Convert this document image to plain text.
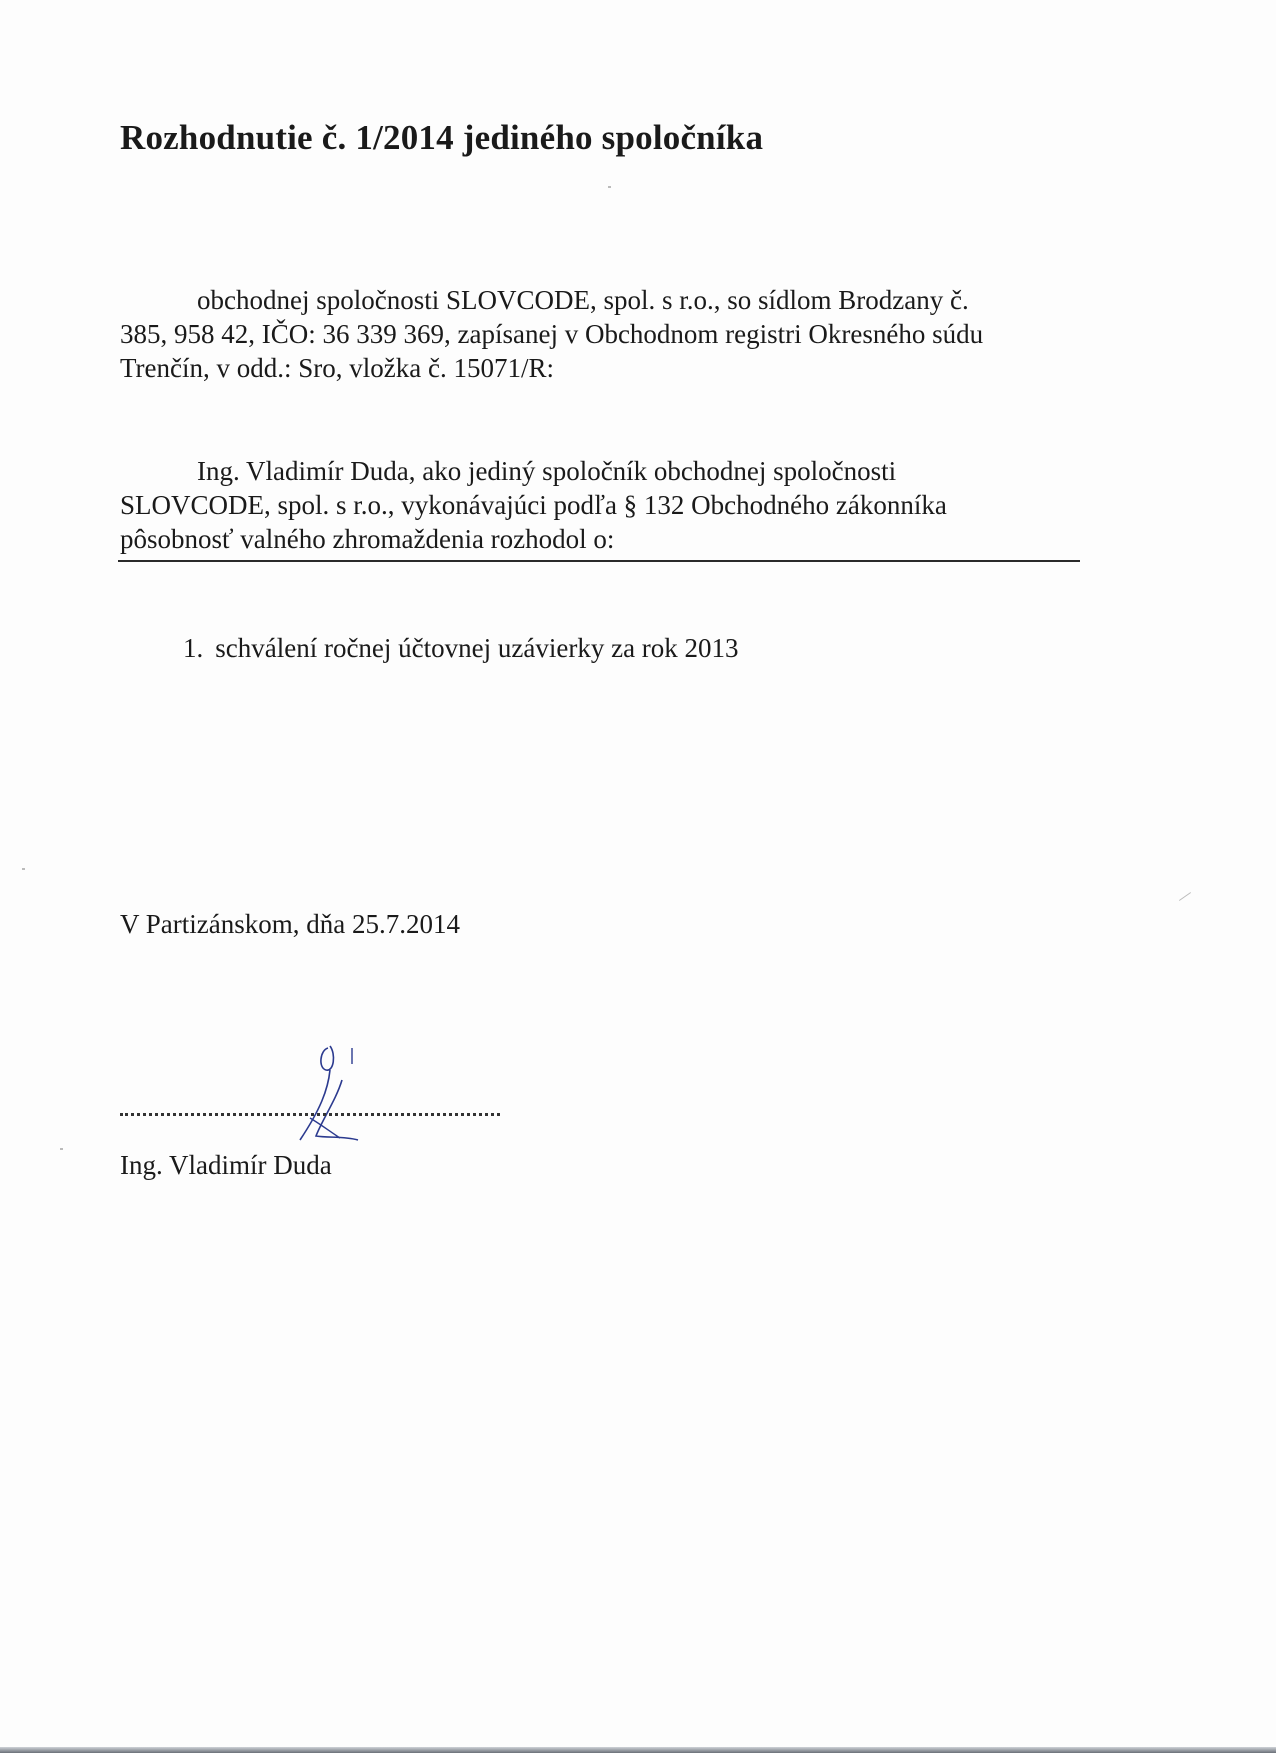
Rozhodnutie č. 1/2014 jediného spoločníka
obchodnej spoločnosti SLOVCODE, spol. s r.o., so sídlom Brodzany č.
385, 958 42, IČO: 36 339 369, zapísanej v Obchodnom registri Okresného súdu
Trenčín, v odd.: Sro, vložka č. 15071/R:
Ing. Vladimír Duda, ako jediný spoločník obchodnej spoločnosti
SLOVCODE, spol. s r.o., vykonávajúci podľa § 132 Obchodného zákonníka
pôsobnosť valného zhromaždenia rozhodol o:
1. schválení ročnej účtovnej uzávierky za rok 2013
V Partizánskom, dňa 25.7.2014
Ing. Vladimír Duda
